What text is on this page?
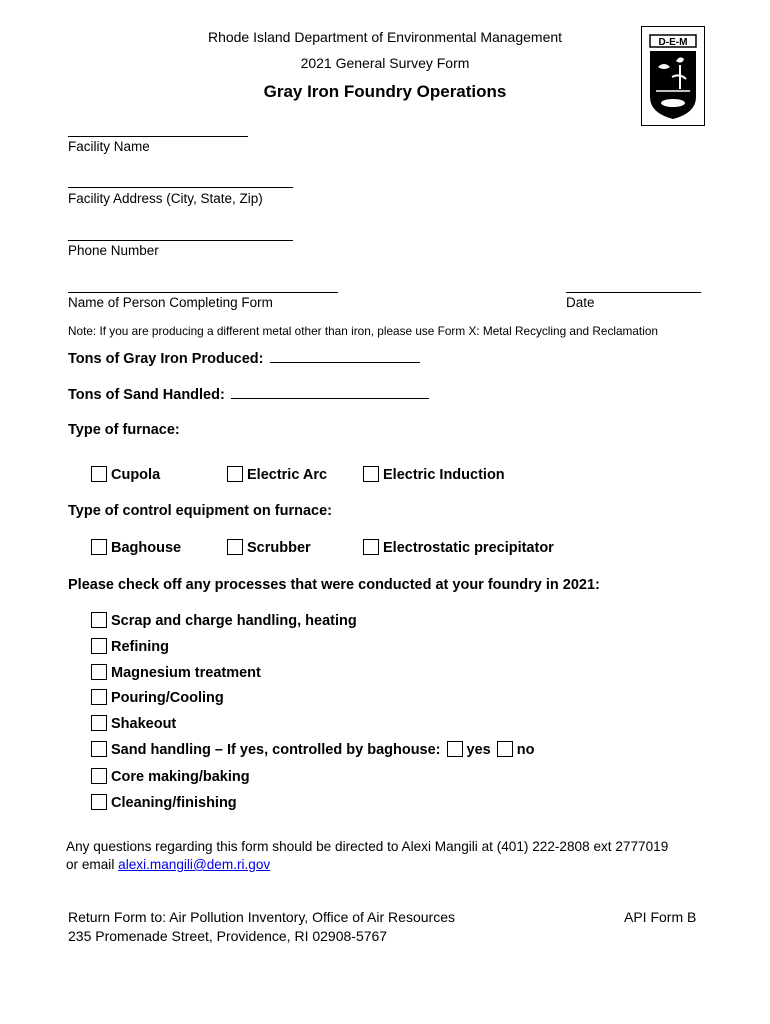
Rhode Island Department of Environmental Management
2021 General Survey Form
Gray Iron Foundry Operations
D-E-M
Facility Name
Facility Address (City, State, Zip)
Phone Number
Name of Person Completing Form	Date
Note: If you are producing a different metal other than iron, please use Form X: Metal Recycling and Reclamation
Tons of Gray Iron Produced:
Tons of Sand Handled:
Type of furnace:
Cupola	Electric Arc	Electric Induction
Type of control equipment on furnace:
Baghouse	Scrubber	Electrostatic precipitator
Please check off any processes that were conducted at your foundry in 2021:
Scrap and charge handling, heating
Refining
Magnesium treatment
Pouring/Cooling
Shakeout
Sand handling – If yes, controlled by baghouse: yes no
Core making/baking
Cleaning/finishing
Any questions regarding this form should be directed to Alexi Mangili at (401) 222-2808 ext 2777019
or email alexi.mangili@dem.ri.gov
Return Form to: Air Pollution Inventory, Office of Air Resources
235 Promenade Street, Providence, RI 02908-5767
API Form B
